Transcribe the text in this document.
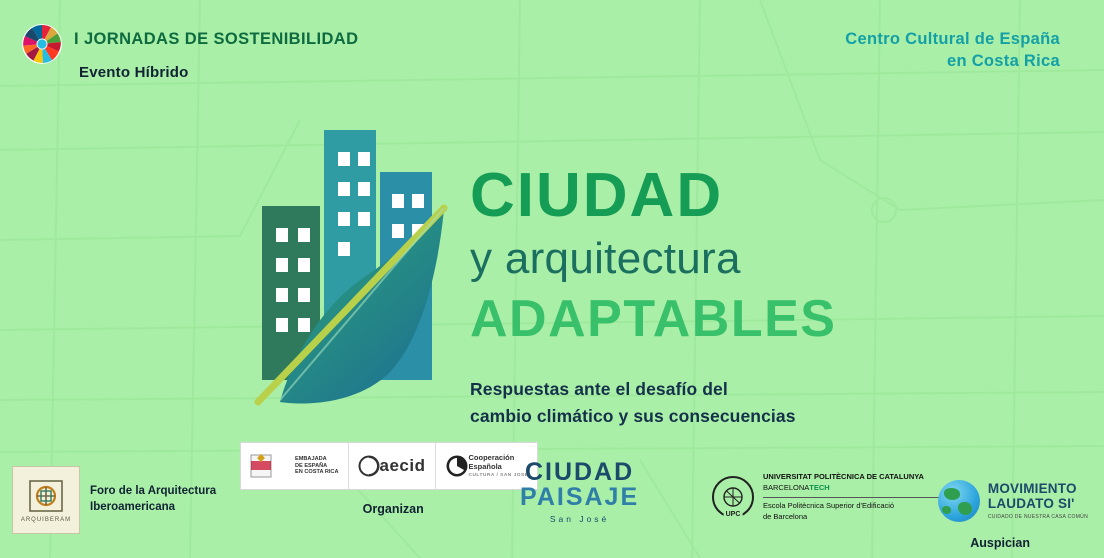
I JORNADAS DE SOSTENIBILIDAD
Evento Híbrido
Centro Cultural de España
en Costa Rica
CIUDAD
y arquitectura
ADAPTABLES
Respuestas ante el desafío del
cambio climático y sus consecuencias
ARQUIBERAM
Foro de la Arquitectura
Iberoamericana
EMBAJADA
DE ESPAÑA
EN COSTA RICA aecid	Cooperación
Española
CULTURA / SAN JOSÉ
Organizan
CIUDAD
PAISAJE
San José	UPC
UNIVERSITAT POLITÈCNICA DE CATALUNYA
BARCELONATECH
Escola Politècnica Superior d'Edificació
de Barcelona
MOVIMIENTO
LAUDATO SI'
CUIDADO DE NUESTRA CASA COMÚN
Auspician
